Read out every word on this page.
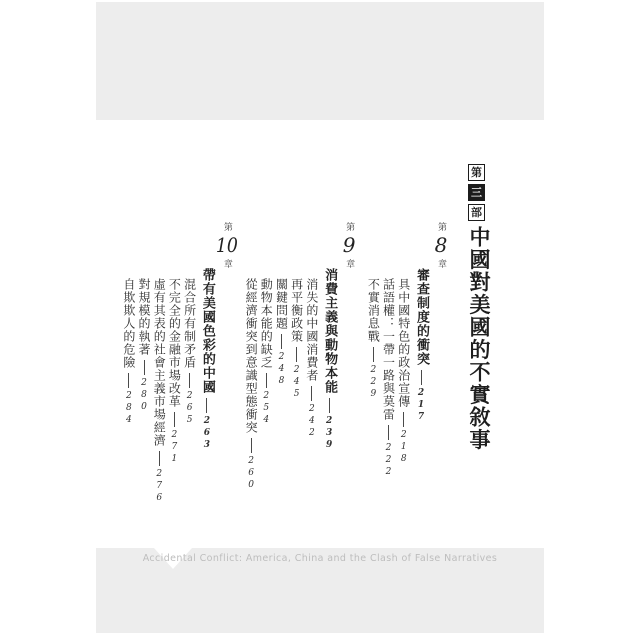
第
三
部
中國對美國的不實敘事
第8章
審查制度的衝突217
具中國特色的政治宣傳218
話語權：一帶一路與莫雷222
不實消息戰229
第9章
消費主義與動物本能239
消失的中國消費者242
再平衡政策245
關鍵問題248
動物本能的缺乏254
從經濟衝突到意識型態衝突260
第10章
帶有美國色彩的中國263
混合所有制矛盾265
不完全的金融市場改革271
虛有其表的社會主義市場經濟276
對規模的執著280
自欺欺人的危險284
Accidental Conflict: America, China and the Clash of False Narratives
